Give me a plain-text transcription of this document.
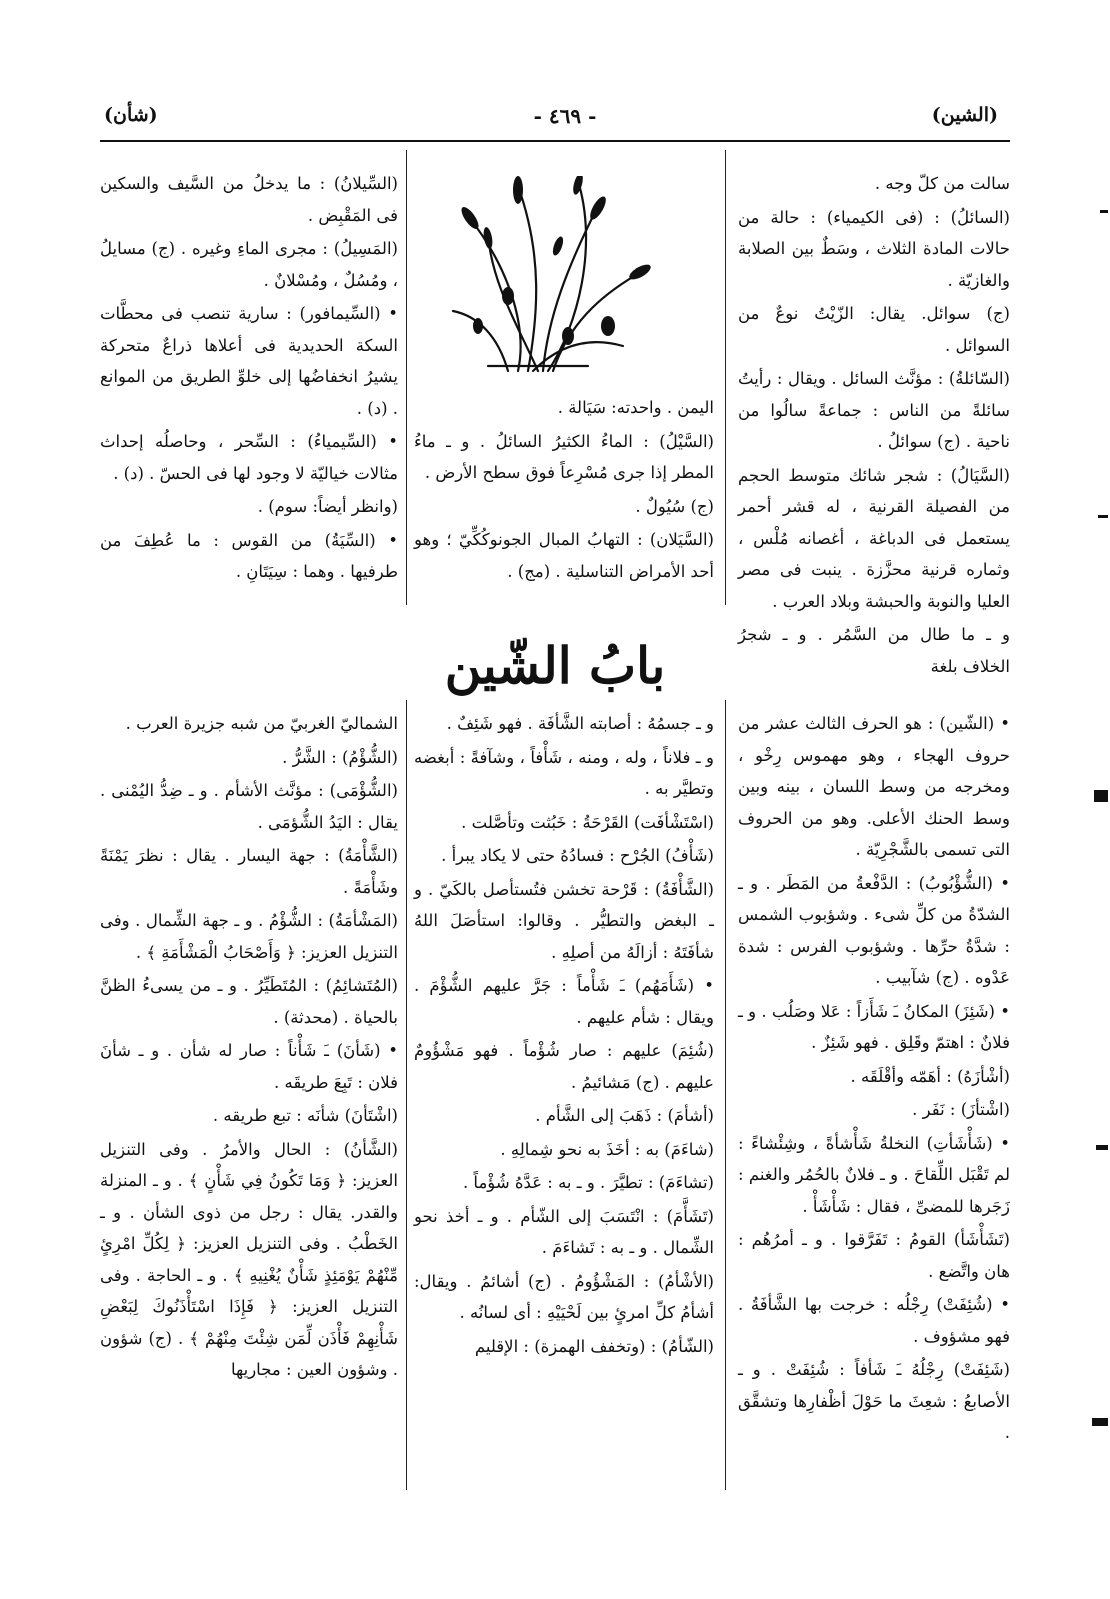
(شأن)	- ٤٦٩ -	(الشين)

سالت من كلّ وجه .

(السائلُ) : (فى الكيمياء) : حالة من حالات المادة الثلاث ، وسَطٌ بين الصلابة والغازيّة .

(ج) سوائل. يقال: الزّيْتُ نوعٌ من السوائل .

(السّائلةُ) : مؤنَّث السائل . ويقال : رأيتُ سائلةً من الناس : جماعةً سالُوا من ناحية . (ج) سوائلُ .

(السَّيَالُ) : شجر شائك متوسط الحجم من الفصيلة القرنية ، له قشر أحمر يستعمل فى الدباغة ، أغصانه مُلْس ، وثماره قرنية محزَّزة . ينبت فى مصر العليا والنوبة والحبشة وبلاد العرب .

و ـ ما طال من السَّمُر . و ـ شجرُ الخلاف بلغة

اليمن . واحدته: سَيَالة .

(السَّيْلُ) : الماءُ الكثيرُ السائلُ . و ـ ماءُ المطر إذا جرى مُسْرِعاً فوق سطح الأرض .

(ج) سُيُولٌ .

(السَّيَلان) : التهابُ المبال الجونوكُكِّيّ ؛ وهو أحد الأمراض التناسلية . (مج) .

(السِّيلانُ) : ما يدخلُ من السَّيف والسكين فى المَقْبِض .

(المَسِيلُ) : مجرى الماءِ وغيره . (ج) مسايلُ ، ومُسُلٌ ، ومُسْلانٌ .

• (السِّيمافور) : سارية تنصب فى محطَّات السكة الحديدية فى أعلاها ذراعٌ متحركة يشيرُ انخفاضُها إلى خلوِّ الطريق من الموانع . (د) .

• (السِّيمياءُ) : السِّحر ، وحاصلُه إحداث مثالات خياليّة لا وجود لها فى الحسّ . (د) .

(وانظر أيضاً: سوم) .

• (السِّيَةُ) من القوس : ما عُطِفَ من طرفيها . وهما : سِيَتَانِ .

بابُ الشّين

• (الشّين) : هو الحرف الثالث عشر من حروف الهجاء ، وهو مهموس رِخْو ، ومخرجه من وسط اللسان ، بينه وبين وسط الحنك الأعلى. وهو من الحروف التى تسمى بالشَّجْرِيّة .

• (الشُّؤْبُوبُ) : الدَّفْعةُ من المَطَر . و ـ الشدّةُ من كلِّ شىء . وشؤبوب الشمس : شدَّةُ حرِّها . وشؤبوب الفرس : شدة عَدْوه . (ج) شآبيب .

• (شَئِزَ) المكانُ ـَ شَأَزاً : عَلا وصَلُب . و ـ فلانٌ : اهتمّ وقَلِق . فهو شَئِزٌ .

(أشْأزَهُ) : أهَمّه وأقْلَقَه .

(اشْتأزَ) : نَفَر .

• (شَأْشَأتِ) النخلةُ شَأْشأةً ، وشِئْشاءً : لم تَقْبَل اللِّقاحَ . و ـ فلانٌ بالحُمُر والغنم : زَجَرها للمضىِّ ، فقال : شَأْشَأْ .

(تَشَأْشَأ) القومُ : تَفَرَّقوا . و ـ أمرُهُم : هان واتَّضع .

• (شُئِفَتْ) رِجْلُه : خرجت بها الشَّأفَةُ . فهو مشؤوف .

(شَئِفَتْ) رِجْلُهُ ـَ شَأفاً : شُئِفَتْ . و ـ الأصابعُ : شعِثَ ما حَوْلَ أظْفارِها وتشقَّق .

و ـ جسمُهُ : أصابته الشَّأفَة . فهو شَئِفٌ .

و ـ فلاناً ، وله ، ومنه ، شَأْفاً ، وشآفةً : أبغضه وتطيَّر به .

(اسْتَشْأفَت) القَرْحَةُ : خَبُثت وتأصَّلت .

(شَأْفُ) الجُرْح : فسادُهُ حتى لا يكاد يبرأ .

(الشَّأْفَةُ) : قَرْحة تخشن فتُستأصل بالكَيّ . و ـ البغض والتطيُّر . وقالوا: استأصَلَ اللهُ شأفَتَهُ : أزالَهُ من أصلِهِ .

• (شَأَمَهُم) ـَ شَأْماً : جَرَّ عليهم الشُّؤْمَ . ويقال : شأم عليهم .

(شُئِمَ) عليهم : صار شُؤْماً . فهو مَشْؤُومٌ عليهم . (ج) مَشائيمُ .

(أشأمَ) : ذَهَبَ إلى الشَّأم .

(شاءَمَ) به : أخَذَ به نحو شِمالِهِ .

(تشاءَمَ) : تطيَّرَ . و ـ به : عَدَّهُ شُؤْماً .

(تَشَأَّمَ) : انْتَسَبَ إلى الشّأم . و ـ أخذ نحو الشِّمال . و ـ به : تَشاءَمَ .

(الأشْأمُ) : المَشْؤُومُ . (ج) أشائمُ . ويقال: أشأمُ كلِّ امرئٍ بين لَحْيَيْهِ : أى لسانُه .

(الشّأمُ) : (وتخفف الهمزة) : الإقليم

الشماليّ الغربيّ من شبه جزيرة العرب .

(الشُّؤْمُ) : الشَّرُّ .

(الشُّؤْمَى) : مؤنَّث الأشأم . و ـ ضِدُّ اليُمْنى . يقال : اليَدُ الشُّؤمَى .

(الشَّأْمَةُ) : جهة اليسار . يقال : نظرَ يَمْنَةً وشَأْمَةً .

(المَشْأمَةُ) : الشُّؤْمُ . و ـ جهة الشِّمال . وفى التنزيل العزيز: ﴿ وَأَصْحَابُ الْمَشْأَمَةِ ﴾ .

(المُتَشائِمُ) : المُتَطَيِّرُ . و ـ من يسىءُ الظنَّ بالحياة . (محدثة) .

• (شَأنَ) ـَ شَأْناً : صار له شأن . و ـ شأنَ فلان : تَبِعَ طريقَه .

(اشْتَأنَ) شأنَه : تبع طريقه .

(الشَّأنُ) : الحال والأمرُ . وفى التنزيل العزيز: ﴿ وَمَا تَكُونُ فِي شَأْنٍ ﴾ . و ـ المنزلة والقدر. يقال : رجل من ذوى الشأن . و ـ الخَطْبُ . وفى التنزيل العزيز: ﴿ لِكُلِّ امْرِئٍ مِّنْهُمْ يَوْمَئِذٍ شَأْنٌ يُغْنِيهِ ﴾ . و ـ الحاجة . وفى التنزيل العزيز: ﴿ فَإِذَا اسْتَأْذَنُوكَ لِبَعْضِ شَأْنِهِمْ فَأْذَن لِّمَن شِئْتَ مِنْهُمْ ﴾ . (ج) شؤون . وشؤون العين : مجاريها
